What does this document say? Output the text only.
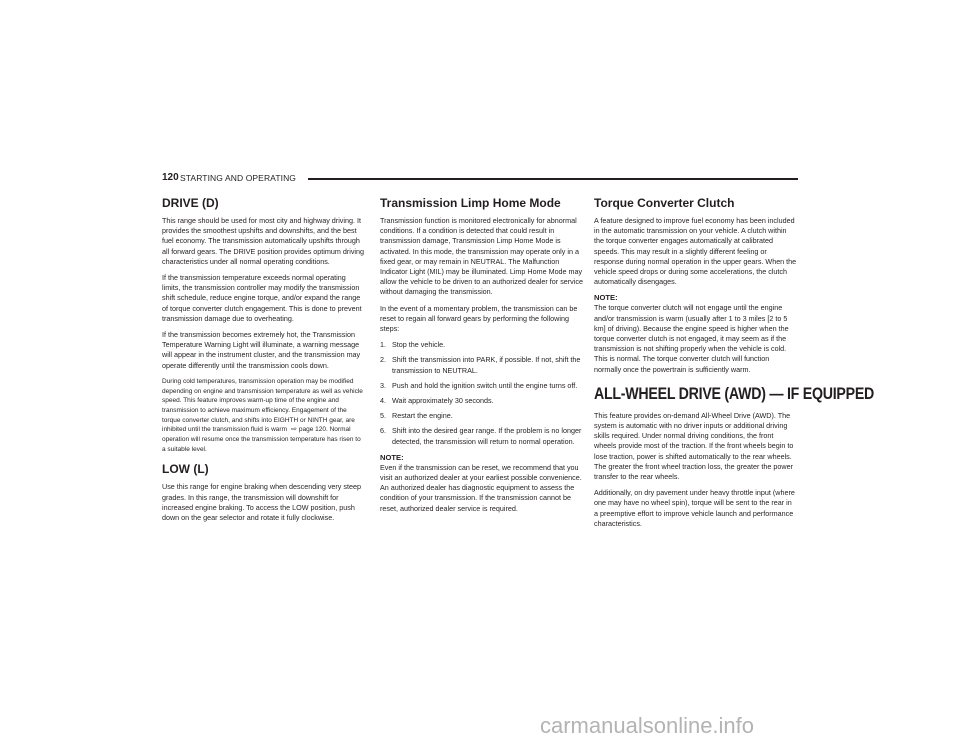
120 STARTING AND OPERATING
DRIVE (D)

This range should be used for most city and highway driving. It provides the smoothest upshifts and downshifts, and the best fuel economy. The transmission automatically upshifts through all forward gears. The DRIVE position provides optimum driving characteristics under all normal operating conditions.

If the transmission temperature exceeds normal operating limits, the transmission controller may modify the transmission shift schedule, reduce engine torque, and/or expand the range of torque converter clutch engagement. This is done to prevent transmission damage due to overheating.

If the transmission becomes extremely hot, the Transmission Temperature Warning Light will illuminate, a warning message will appear in the instrument cluster, and the transmission may operate differently until the transmission cools down.

During cold temperatures, transmission operation may be modified depending on engine and transmission temperature as well as vehicle speed. This feature improves warm-up time of the engine and transmission to achieve maximum efficiency. Engagement of the torque converter clutch, and shifts into EIGHTH or NINTH gear, are inhibited until the transmission fluid is warm ⇨ page 120. Normal operation will resume once the transmission temperature has risen to a suitable level.

LOW (L)

Use this range for engine braking when descending very steep grades. In this range, the transmission will downshift for increased engine braking. To access the LOW position, push down on the gear selector and rotate it fully clockwise.

Transmission Limp Home Mode

Transmission function is monitored electronically for abnormal conditions. If a condition is detected that could result in transmission damage, Transmission Limp Home Mode is activated. In this mode, the transmission may operate only in a fixed gear, or may remain in NEUTRAL. The Malfunction Indicator Light (MIL) may be illuminated. Limp Home Mode may allow the vehicle to be driven to an authorized dealer for service without damaging the transmission.

In the event of a momentary problem, the transmission can be reset to regain all forward gears by performing the following steps:

1. Stop the vehicle.
2. Shift the transmission into PARK, if possible. If not, shift the transmission to NEUTRAL.
3. Push and hold the ignition switch until the engine turns off.
4. Wait approximately 30 seconds.
5. Restart the engine.
6. Shift into the desired gear range. If the problem is no longer detected, the transmission will return to normal operation.
NOTE:

Even if the transmission can be reset, we recommend that you visit an authorized dealer at your earliest possible convenience. An authorized dealer has diagnostic equipment to assess the condition of your transmission. If the transmission cannot be reset, authorized dealer service is required.

Torque Converter Clutch

A feature designed to improve fuel economy has been included in the automatic transmission on your vehicle. A clutch within the torque converter engages automatically at calibrated speeds. This may result in a slightly different feeling or response during normal operation in the upper gears. When the vehicle speed drops or during some accelerations, the clutch automatically disengages.

NOTE:

The torque converter clutch will not engage until the engine and/or transmission is warm (usually after 1 to 3 miles [2 to 5 km] of driving). Because the engine speed is higher when the torque converter clutch is not engaged, it may seem as if the transmission is not shifting properly when the vehicle is cold. This is normal. The torque converter clutch will function normally once the powertrain is sufficiently warm.

ALL-WHEEL DRIVE (AWD) — IF EQUIPPED

This feature provides on-demand All-Wheel Drive (AWD). The system is automatic with no driver inputs or additional driving skills required. Under normal driving conditions, the front wheels provide most of the traction. If the front wheels begin to lose traction, power is shifted automatically to the rear wheels. The greater the front wheel traction loss, the greater the power transfer to the rear wheels.

Additionally, on dry pavement under heavy throttle input (where one may have no wheel spin), torque will be sent to the rear in a preemptive effort to improve vehicle launch and performance characteristics.

carmanualsonline.info
